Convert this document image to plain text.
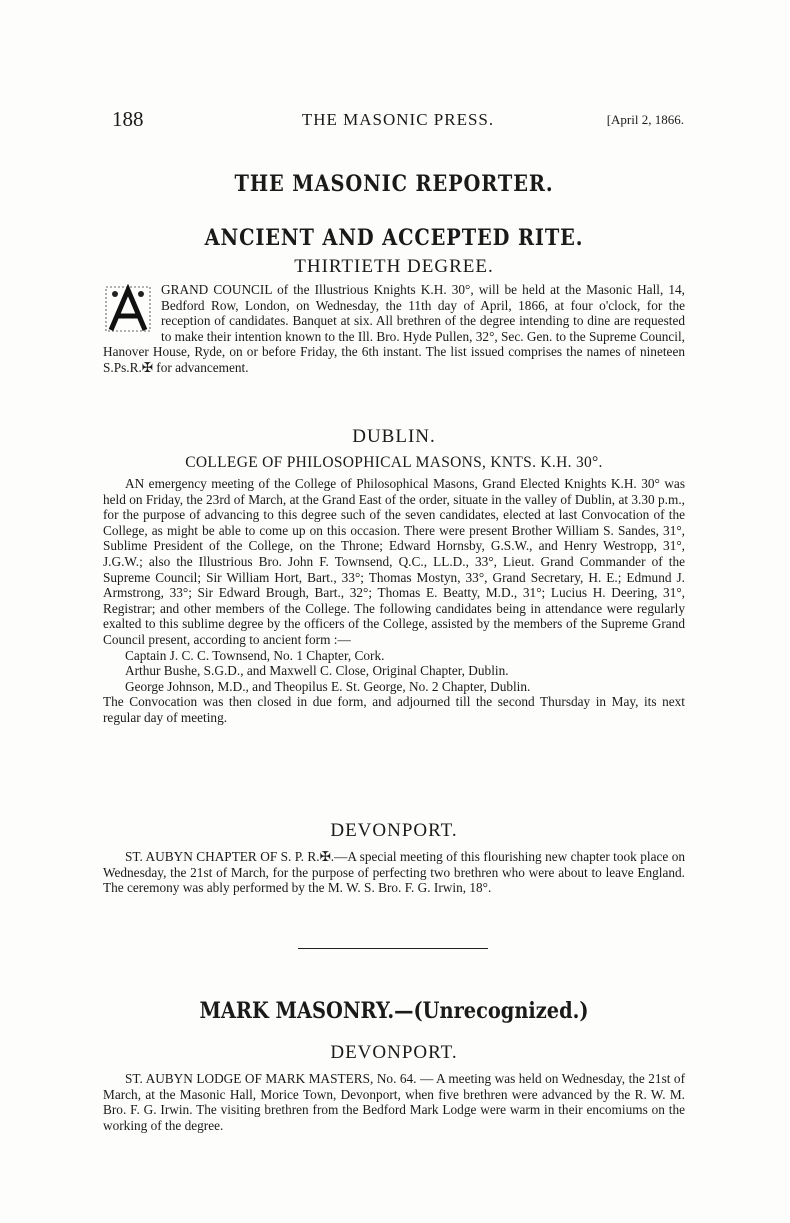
188	THE MASONIC PRESS.	[April 2, 1866.
THE MASONIC REPORTER.
ANCIENT AND ACCEPTED RITE.
THIRTIETH DEGREE.

GRAND COUNCIL of the Illustrious Knights K.H. 30°, will be held at the Masonic Hall, 14, Bedford Row, London, on Wednesday, the 11th day of April, 1866, at four o'clock, for the reception of candidates. Banquet at six. All brethren of the degree intending to dine are requested to make their intention known to the Ill. Bro. Hyde Pullen, 32°, Sec. Gen. to the Supreme Council, Hanover House, Ryde, on or before Friday, the 6th instant. The list issued comprises the names of nineteen S.Ps.R.✠ for advancement.

DUBLIN.
COLLEGE OF PHILOSOPHICAL MASONS, KNTS. K.H. 30°.

AN emergency meeting of the College of Philosophical Masons, Grand Elected Knights K.H. 30° was held on Friday, the 23rd of March, at the Grand East of the order, situate in the valley of Dublin, at 3.30 p.m., for the purpose of advancing to this degree such of the seven candidates, elected at last Convocation of the College, as might be able to come up on this occasion. There were present Brother William S. Sandes, 31°, Sublime President of the College, on the Throne; Edward Hornsby, G.S.W., and Henry Westropp, 31°, J.G.W.; also the Illustrious Bro. John F. Townsend, Q.C., LL.D., 33°, Lieut. Grand Commander of the Supreme Council; Sir William Hort, Bart., 33°; Thomas Mostyn, 33°, Grand Secretary, H. E.; Edmund J. Armstrong, 33°; Sir Edward Brough, Bart., 32°; Thomas E. Beatty, M.D., 31°; Lucius H. Deering, 31°, Registrar; and other members of the College. The following candidates being in attendance were regularly exalted to this sublime degree by the officers of the College, assisted by the members of the Supreme Grand Council present, according to ancient form :—

Captain J. C. C. Townsend, No. 1 Chapter, Cork.
Arthur Bushe, S.G.D., and Maxwell C. Close, Original Chapter, Dublin.
George Johnson, M.D., and Theopilus E. St. George, No. 2 Chapter, Dublin.

The Convocation was then closed in due form, and adjourned till the second Thursday in May, its next regular day of meeting.

DEVONPORT.

ST. AUBYN CHAPTER OF S. P. R.✠.—A special meeting of this flourishing new chapter took place on Wednesday, the 21st of March, for the purpose of perfecting two brethren who were about to leave England. The ceremony was ably performed by the M. W. S. Bro. F. G. Irwin, 18°.

MARK MASONRY.—(Unrecognized.)
DEVONPORT.

ST. AUBYN LODGE OF MARK MASTERS, No. 64. — A meeting was held on Wednesday, the 21st of March, at the Masonic Hall, Morice Town, Devonport, when five brethren were advanced by the R. W. M. Bro. F. G. Irwin. The visiting brethren from the Bedford Mark Lodge were warm in their encomiums on the working of the degree.
